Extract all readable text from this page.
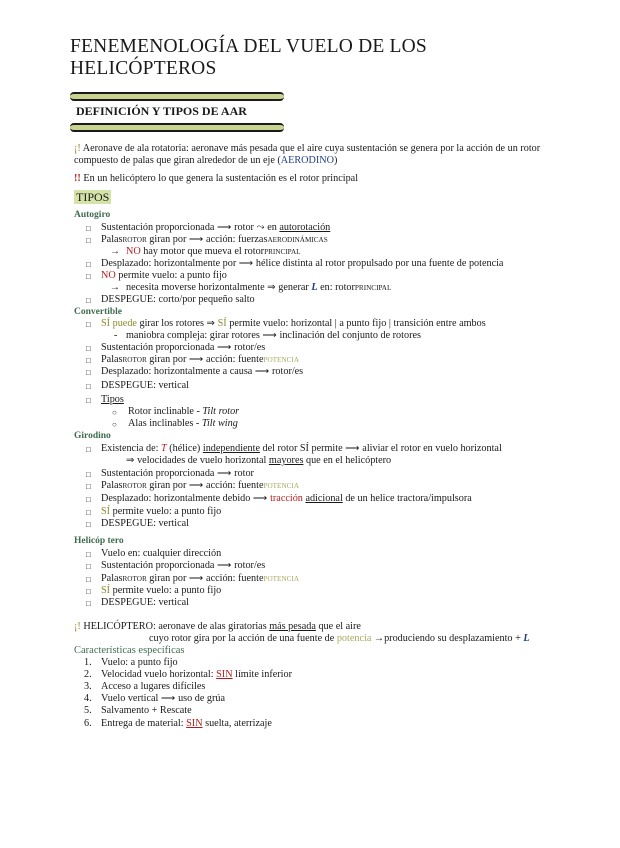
FENEMENOLOGÍA DEL VUELO DE LOS HELICÓPTEROS
DEFINICIÓN Y TIPOS DE AAR
¡! Aeronave de ala rotatoria: aeronave más pesada que el aire cuya sustentación se genera por la acción de un rotor
compuesto de palas que giran alrededor de un eje (AERODINO)
!! En un helicóptero lo que genera la sustentación es el rotor principal
TIPOS
Autogiro
□ Sustentación proporcionada ⟶ rotor ⤳ en autorotación
□ PalasROTOR giran por ⟶ acción: fuerzasAERODINÁMICAS
→ NO hay motor que mueva el rotorPRINCIPAL
□ Desplazado: horizontalmente por ⟶ hélice distinta al rotor propulsado por una fuente de potencia
□ NO permite vuelo: a punto fijo
→ necesita moverse horizontalmente ⇒ generar L en: rotorPRINCIPAL
□ DESPEGUE: corto/por pequeño salto
Convertible
□ SÍ puede girar los rotores ⇒ SÍ permite vuelo: horizontal | a punto fijo | transición entre ambos
- maniobra compleja: girar rotores ⟶ inclinación del conjunto de rotores
□ Sustentación proporcionada ⟶ rotor/es
□ PalasROTOR giran por ⟶ acción: fuentePOTENCIA
□ Desplazado: horizontalmente a causa ⟶ rotor/es
□ DESPEGUE: vertical
□ Tipos
○ Rotor inclinable - Tilt rotor
○ Alas inclinables - Tilt wing
Girodino
□ Existencia de: T (hélice) independiente del rotor SÍ permite ⟶ aliviar el rotor en vuelo horizontal
⇒ velocidades de vuelo horizontal mayores que en el helicóptero
□ Sustentación proporcionada ⟶ rotor
□ PalasROTOR giran por ⟶ acción: fuentePOTENCIA
□ Desplazado: horizontalmente debido ⟶ tracción adicional de un helice tractora/impulsora
□ SÍ permite vuelo: a punto fijo
□ DESPEGUE: vertical
Helicóp tero
□ Vuelo en: cualquier dirección
□ Sustentación proporcionada ⟶ rotor/es
□ PalasROTOR giran por ⟶ acción: fuentePOTENCIA
□ SÍ permite vuelo: a punto fijo
□ DESPEGUE: vertical
¡! HELICÓPTERO: aeronave de alas giratorias más pesada que el aire
cuyo rotor gira por la acción de una fuente de potencia →produciendo su desplazamiento + L
Características específicas
1. Vuelo: a punto fijo
2. Velocidad vuelo horizontal: SIN límite inferior
3. Acceso a lugares difíciles
4. Vuelo vertical ⟶ uso de grúa
5. Salvamento + Rescate
6. Entrega de material: SIN suelta, aterrizaje
